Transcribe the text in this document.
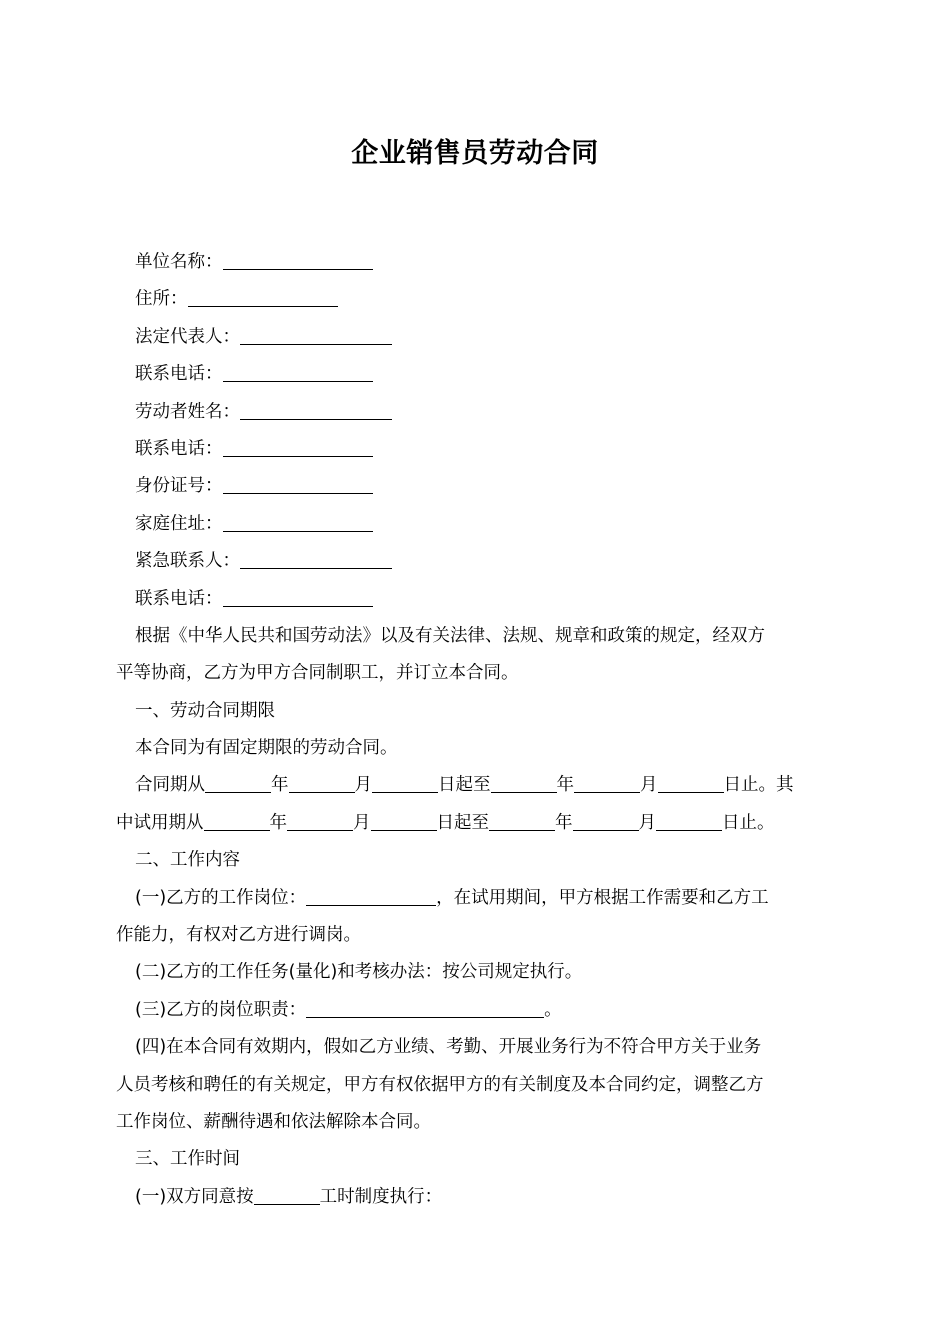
企业销售员劳动合同
单位名称：
住所：
法定代表人：
联系电话：
劳动者姓名：
联系电话：
身份证号：
家庭住址：
紧急联系人：
联系电话：
根据《中华人民共和国劳动法》以及有关法律、法规、规章和政策的规定，经双方
平等协商，乙方为甲方合同制职工，并订立本合同。
一、劳动合同期限
本合同为有固定期限的劳动合同。
合同期从	年	月	日起至	年	月	日止。其
中试用期从	年	月	日起至	年	月	日止。
二、工作内容
(一)乙方的工作岗位：	，在试用期间，甲方根据工作需要和乙方工
作能力，有权对乙方进行调岗。
(二)乙方的工作任务(量化)和考核办法：按公司规定执行。
(三)乙方的岗位职责：	。
(四)在本合同有效期内，假如乙方业绩、考勤、开展业务行为不符合甲方关于业务
人员考核和聘任的有关规定，甲方有权依据甲方的有关制度及本合同约定，调整乙方
工作岗位、薪酬待遇和依法解除本合同。
三、工作时间
(一)双方同意按	工时制度执行：
